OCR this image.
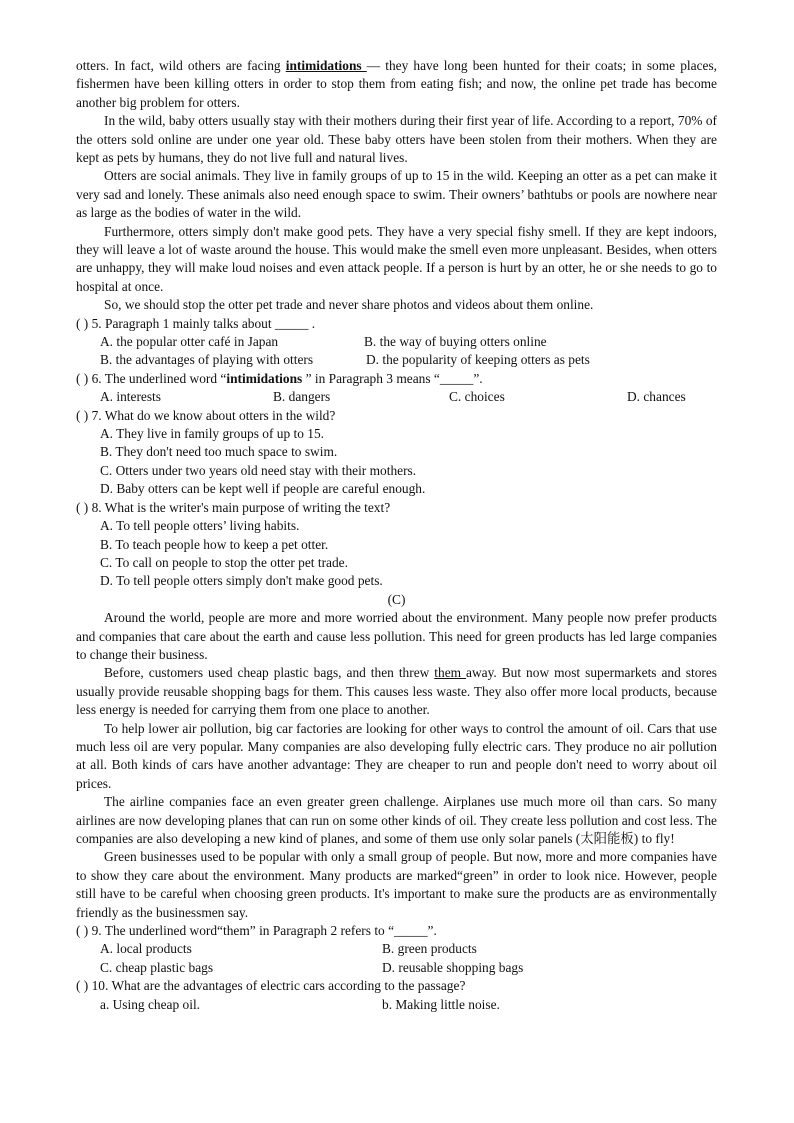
otters. In fact, wild others are facing intimidations — they have long been hunted for their coats; in some places, fishermen have been killing otters in order to stop them from eating fish; and now, the online pet trade has become another big problem for otters.

In the wild, baby otters usually stay with their mothers during their first year of life. According to a report, 70% of the otters sold online are under one year old. These baby otters have been stolen from their mothers. When they are kept as pets by humans, they do not live full and natural lives.

Otters are social animals. They live in family groups of up to 15 in the wild. Keeping an otter as a pet can make it very sad and lonely. These animals also need enough space to swim. Their owners’ bathtubs or pools are nowhere near as large as the bodies of water in the wild.

Furthermore, otters simply don't make good pets. They have a very special fishy smell. If they are kept indoors, they will leave a lot of waste around the house. This would make the smell even more unpleasant. Besides, when otters are unhappy, they will make loud noises and even attack people. If a person is hurt by an otter, he or she needs to go to hospital at once.

So, we should stop the otter pet trade and never share photos and videos about them online.

( ) 5. Paragraph 1 mainly talks about _____ .
A. the popular otter café in Japan	B. the way of buying otters online
B. the advantages of playing with otters	D. the popularity of keeping otters as pets
( ) 6. The underlined word “intimidations ” in Paragraph 3 means “_____”.
A. interests	B. dangers	C. choices	D. chances
( ) 7. What do we know about otters in the wild?
A. They live in family groups of up to 15.
B. They don't need too much space to swim.
C. Otters under two years old need stay with their mothers.
D. Baby otters can be kept well if people are careful enough.
( ) 8. What is the writer's main purpose of writing the text?
A. To tell people otters’ living habits.
B. To teach people how to keep a pet otter.
C. To call on people to stop the otter pet trade.
D. To tell people otters simply don't make good pets.
(C)

Around the world, people are more and more worried about the environment. Many people now prefer products and companies that care about the earth and cause less pollution. This need for green products has led large companies to change their business.

Before, customers used cheap plastic bags, and then threw them away. But now most supermarkets and stores usually provide reusable shopping bags for them. This causes less waste. They also offer more local products, because less energy is needed for carrying them from one place to another.

To help lower air pollution, big car factories are looking for other ways to control the amount of oil. Cars that use much less oil are very popular. Many companies are also developing fully electric cars. They produce no air pollution at all. Both kinds of cars have another advantage: They are cheaper to run and people don't need to worry about oil prices.

The airline companies face an even greater green challenge. Airplanes use much more oil than cars. So many airlines are now developing planes that can run on some other kinds of oil. They create less pollution and cost less. The companies are also developing a new kind of planes, and some of them use only solar panels (太阳能板) to fly!

Green businesses used to be popular with only a small group of people. But now, more and more companies have to show they care about the environment. Many products are marked“green” in order to look nice. However, people still have to be careful when choosing green products. It's important to make sure the products are as environmentally friendly as the businessmen say.

( ) 9. The underlined word“them” in Paragraph 2 refers to “_____”.
A. local products	B. green products
C. cheap plastic bags	D. reusable shopping bags
( ) 10. What are the advantages of electric cars according to the passage?
a. Using cheap oil.	b. Making little noise.
